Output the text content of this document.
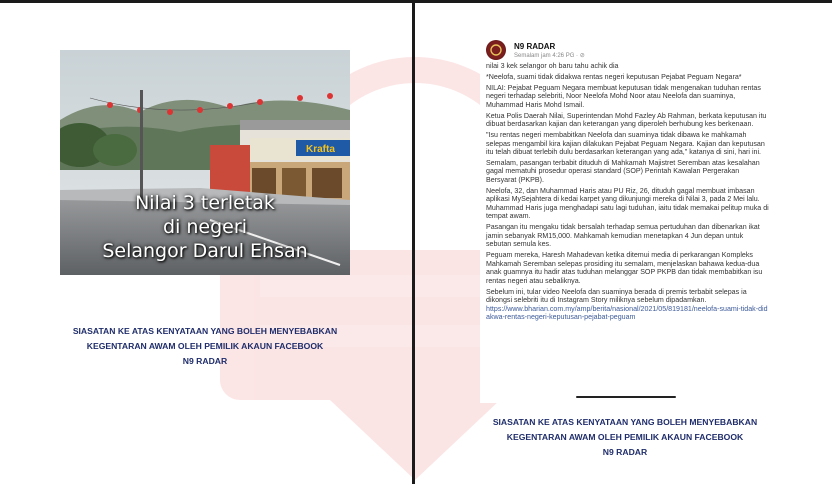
Krafta
Nilai 3 terletak
di negeri
Selangor Darul Ehsan
SIASATAN KE ATAS KENYATAAN YANG BOLEH MENYEBABKAN
KEGENTARAN AWAM OLEH PEMILIK AKAUN FACEBOOK
N9 RADAR
N9 RADAR
Semalam jam 4:26 PG · ⊘

nilai 3 kek selangor oh baru tahu achik dia

*Neelofa, suami tidak didakwa rentas negeri keputusan Pejabat Peguam Negara*

NILAI: Pejabat Peguam Negara membuat keputusan tidak mengenakan tuduhan rentas negeri terhadap selebriti, Noor Neelofa Mohd Noor atau Neelofa dan suaminya, Muhammad Haris Mohd Ismail.

Ketua Polis Daerah Nilai, Superintendan Mohd Fazley Ab Rahman, berkata keputusan itu dibuat berdasarkan kajian dan keterangan yang diperoleh berhubung kes berkenaan.

"Isu rentas negeri membabitkan Neelofa dan suaminya tidak dibawa ke mahkamah selepas mengambil kira kajian dilakukan Pejabat Peguam Negara. Kajian dan keputusan itu telah dibuat terlebih dulu berdasarkan keterangan yang ada," katanya di sini, hari ini.

Semalam, pasangan terbabit dituduh di Mahkamah Majistret Seremban atas kesalahan gagal mematuhi prosedur operasi standard (SOP) Perintah Kawalan Pergerakan Bersyarat (PKPB).

Neelofa, 32, dan Muhammad Haris atau PU Riz, 26, dituduh gagal membuat imbasan aplikasi MySejahtera di kedai karpet yang dikunjungi mereka di Nilai 3, pada 2 Mei lalu. Muhammad Haris juga menghadapi satu lagi tuduhan, iaitu tidak memakai pelitup muka di tempat awam.

Pasangan itu mengaku tidak bersalah terhadap semua pertuduhan dan dibenarkan ikat jamin sebanyak RM15,000. Mahkamah kemudian menetapkan 4 Jun depan untuk sebutan semula kes.

Peguam mereka, Haresh Mahadevan ketika ditemui media di perkarangan Kompleks Mahkamah Seremban selepas prosiding itu semalam, menjelaskan bahawa kedua-dua anak guamnya itu hadir atas tuduhan melanggar SOP PKPB dan tidak membabitkan isu rentas negeri atau sebaliknya.

Sebelum ini, tular video Neelofa dan suaminya berada di premis terbabit selepas ia dikongsi selebriti itu di Instagram Story miliknya sebelum dipadamkan.

https://www.bharian.com.my/amp/berita/nasional/2021/05/819181/neelofa-suami-tidak-didakwa-rentas-negeri-keputusan-pejabat-peguam

SIASATAN KE ATAS KENYATAAN YANG BOLEH MENYEBABKAN
KEGENTARAN AWAM OLEH PEMILIK AKAUN FACEBOOK
N9 RADAR
